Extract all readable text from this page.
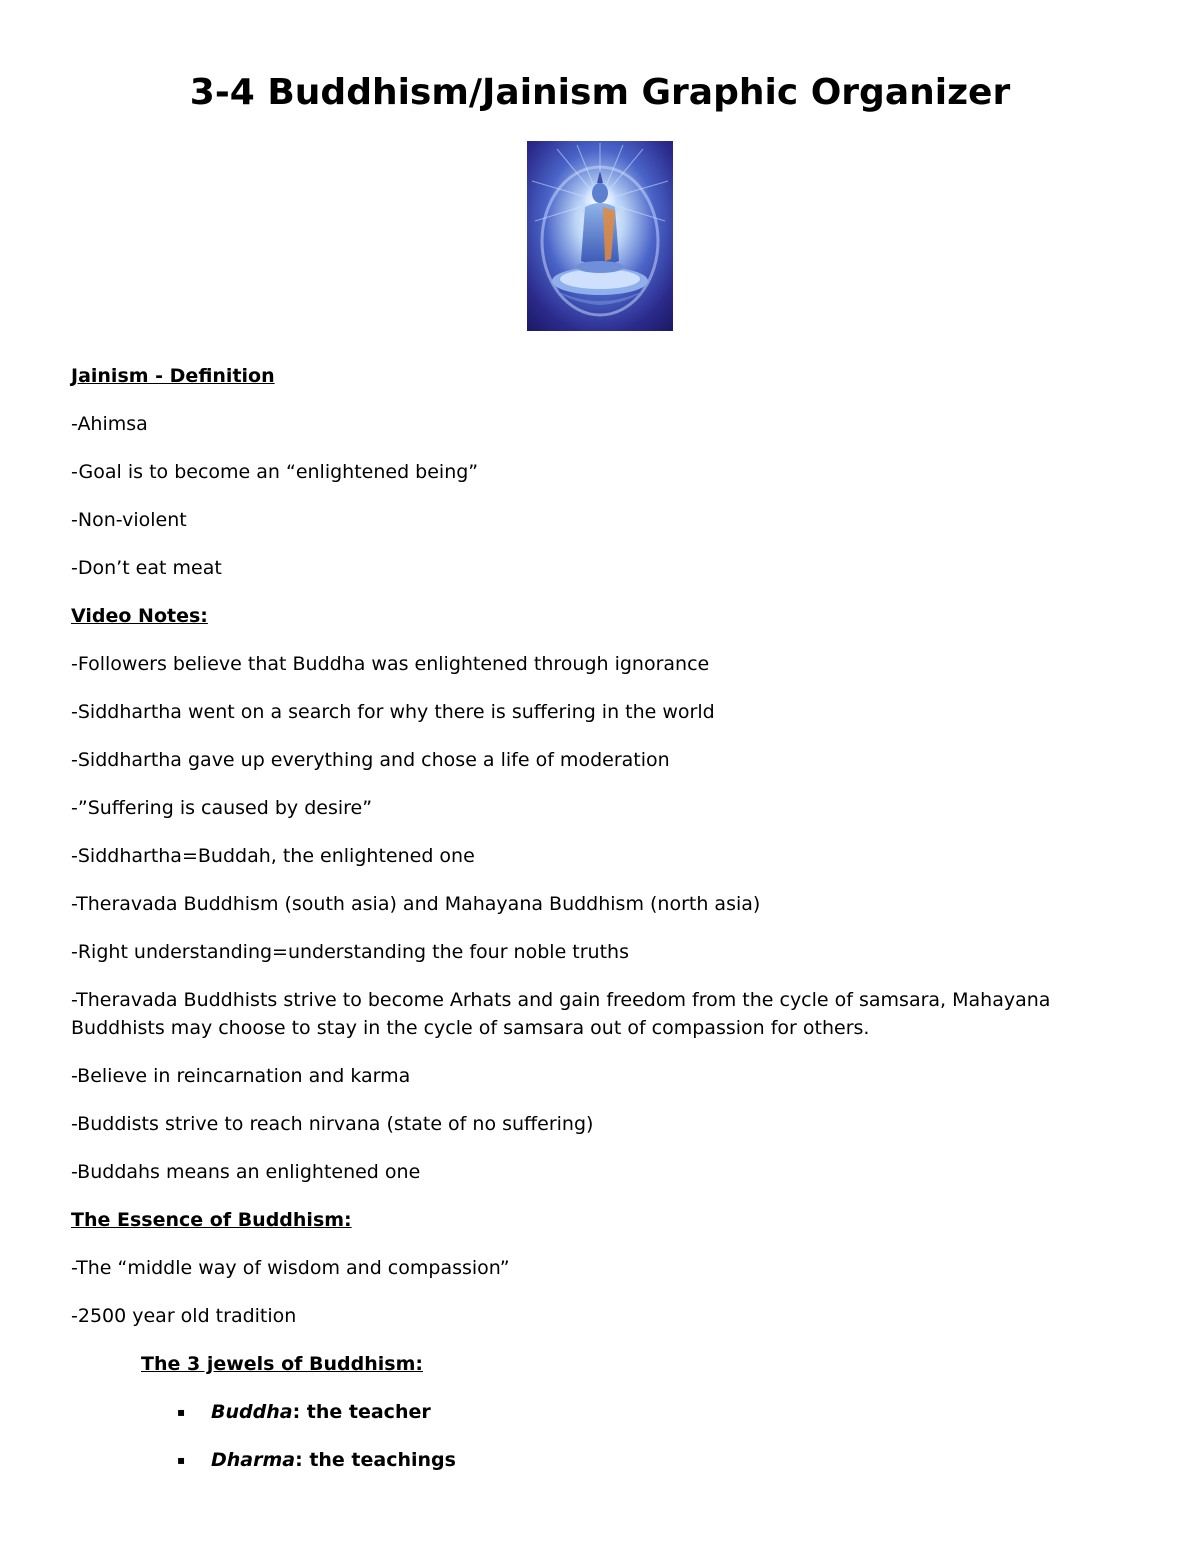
3-4 Buddhism/Jainism Graphic Organizer
Jainism - Definition
-Ahimsa
-Goal is to become an “enlightened being”
-Non-violent
-Don’t eat meat
Video Notes:
-Followers believe that Buddha was enlightened through ignorance
-Siddhartha went on a search for why there is suffering in the world
-Siddhartha gave up everything and chose a life of moderation
-”Suffering is caused by desire”
-Siddhartha=Buddah, the enlightened one
-Theravada Buddhism (south asia) and Mahayana Buddhism (north asia)
-Right understanding=understanding the four noble truths
-Theravada Buddhists strive to become Arhats and gain freedom from the cycle of samsara, Mahayana Buddhists may choose to stay in the cycle of samsara out of compassion for others.
-Believe in reincarnation and karma
-Buddists strive to reach nirvana (state of no suffering)
-Buddahs means an enlightened one
The Essence of Buddhism:
-The “middle way of wisdom and compassion”
-2500 year old tradition
The 3 jewels of Buddhism:
▪ Buddha: the teacher
▪ Dharma: the teachings
